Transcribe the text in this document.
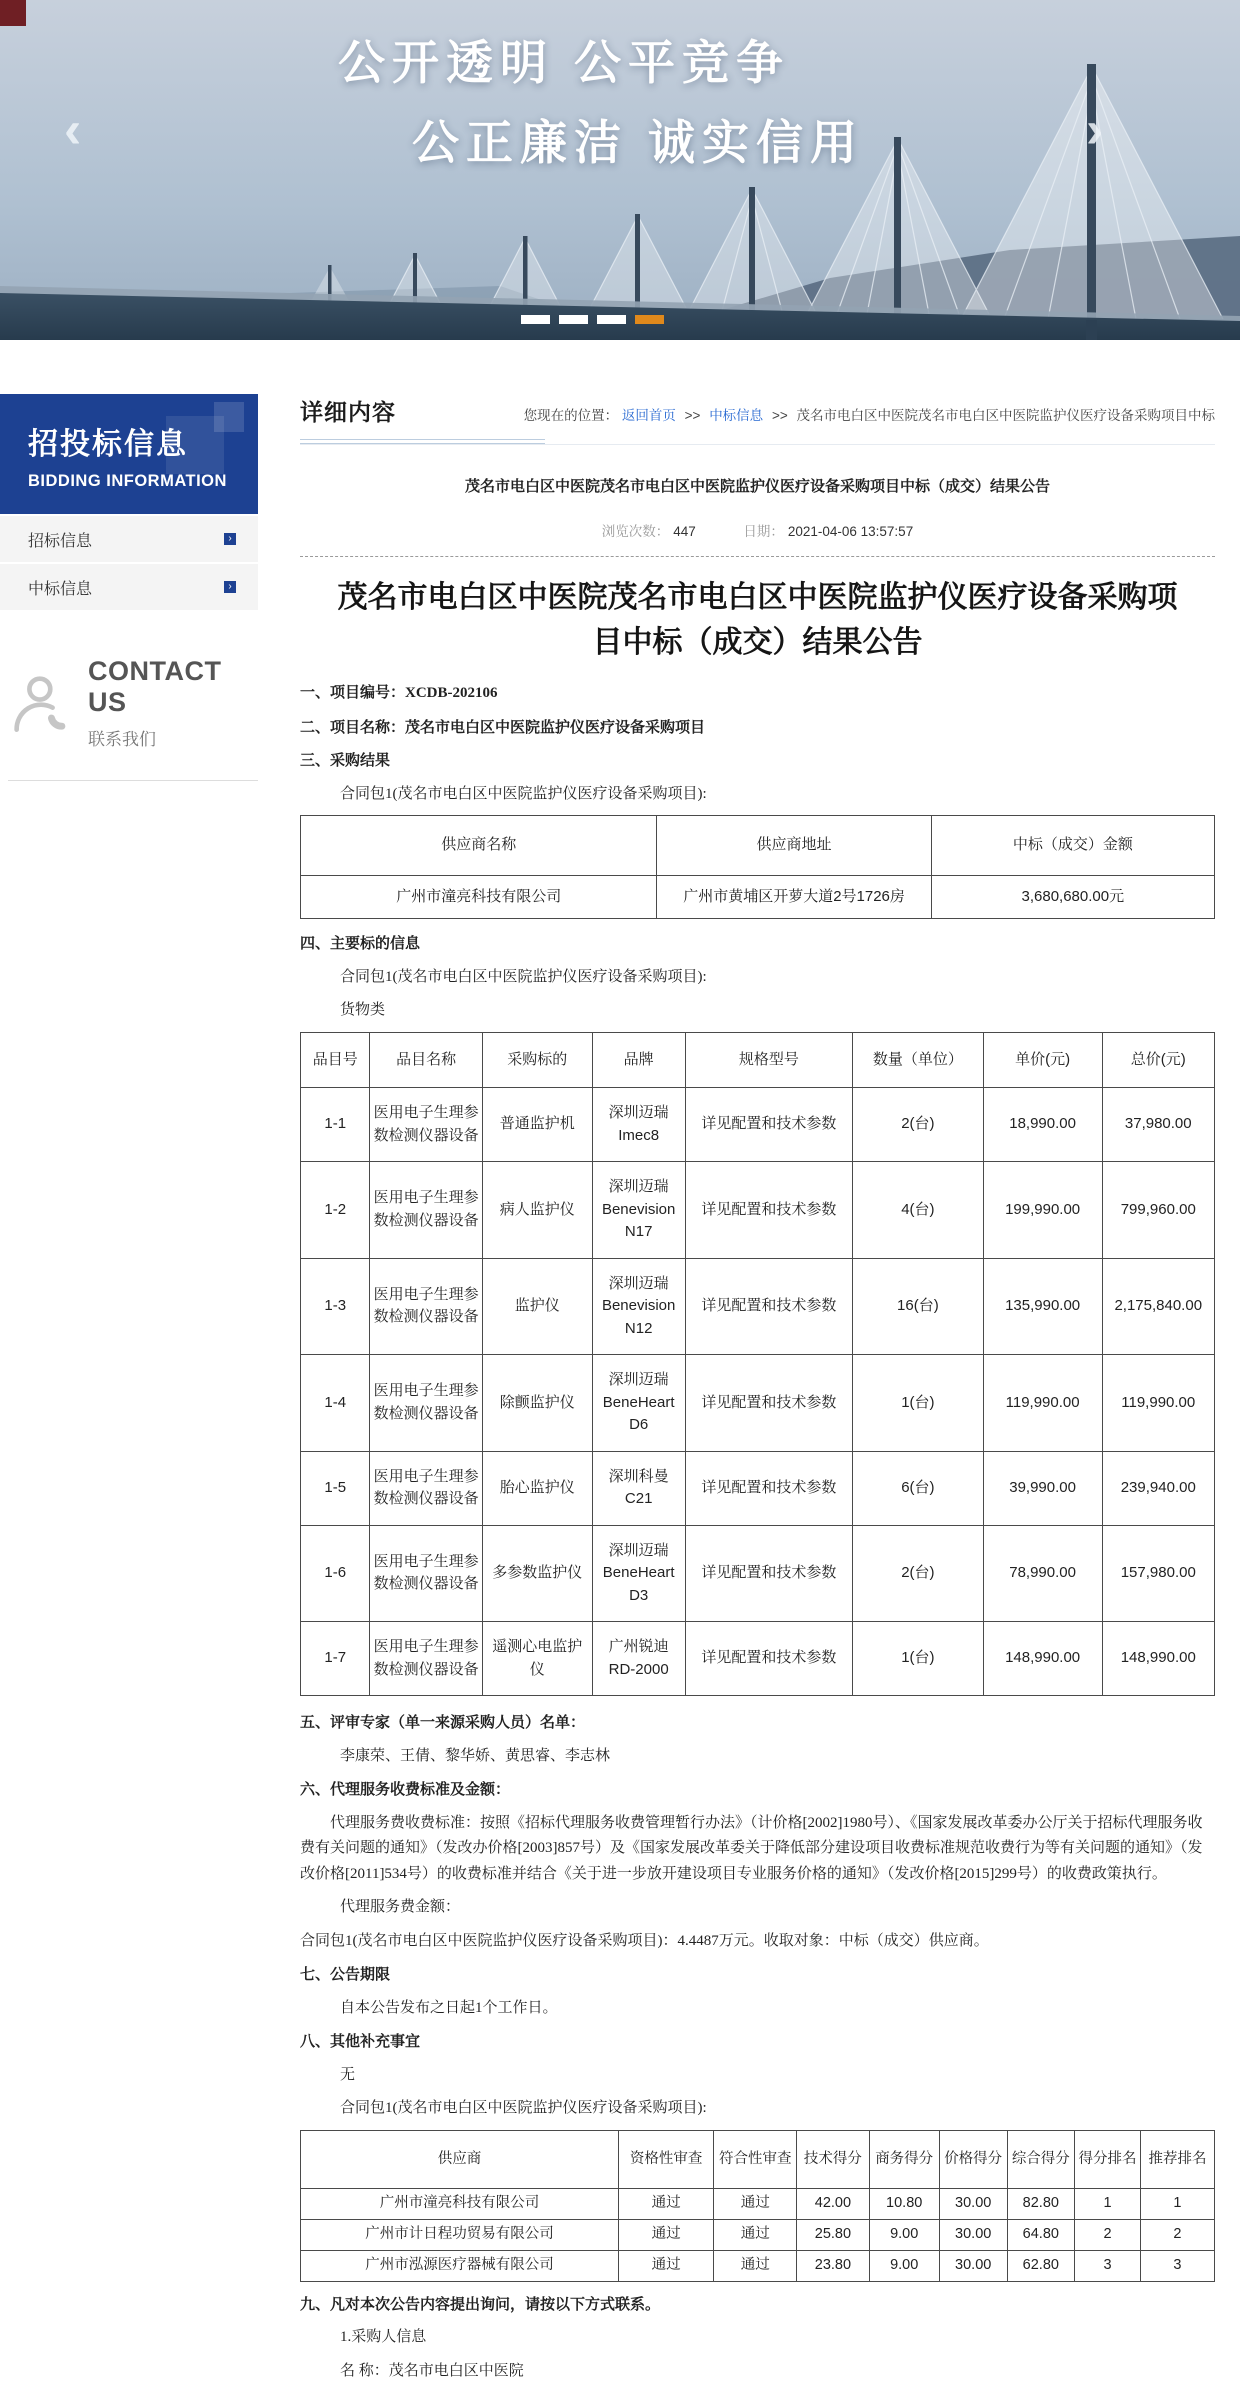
公开透明 公平竞争
公正廉洁 诚实信用
‹	›
招投标信息
BIDDING INFORMATION
招标信息	›
中标信息	›
CONTACT US
联系我们
详细内容	您现在的位置： 返回首页 >> 中标信息 >> 茂名市电白区中医院茂名市电白区中医院监护仪医疗设备采购项目中标
茂名市电白区中医院茂名市电白区中医院监护仪医疗设备采购项目中标（成交）结果公告
浏览次数： 447	日期： 2021-04-06 13:57:57
茂名市电白区中医院茂名市电白区中医院监护仪医疗设备采购项目中标（成交）结果公告

一、项目编号：XCDB-202106

二、项目名称：茂名市电白区中医院监护仪医疗设备采购项目

三、采购结果

合同包1(茂名市电白区中医院监护仪医疗设备采购项目):

供应商名称	供应商地址	中标（成交）金额
广州市潼亮科技有限公司	广州市黄埔区开萝大道2号1726房	3,680,680.00元

四、主要标的信息

合同包1(茂名市电白区中医院监护仪医疗设备采购项目):

货物类

品目号	品目名称	采购标的	品牌	规格型号	数量（单位）	单价(元)	总价(元)
1-1	医用电子生理参数检测仪器设备	普通监护机	深圳迈瑞 Imec8	详见配置和技术参数	2(台)	18,990.00	37,980.00
1-2	医用电子生理参数检测仪器设备	病人监护仪	深圳迈瑞 Benevision N17	详见配置和技术参数	4(台)	199,990.00	799,960.00
1-3	医用电子生理参数检测仪器设备	监护仪	深圳迈瑞 Benevision N12	详见配置和技术参数	16(台)	135,990.00	2,175,840.00
1-4	医用电子生理参数检测仪器设备	除颤监护仪	深圳迈瑞 BeneHeart D6	详见配置和技术参数	1(台)	119,990.00	119,990.00
1-5	医用电子生理参数检测仪器设备	胎心监护仪	深圳科曼 C21	详见配置和技术参数	6(台)	39,990.00	239,940.00
1-6	医用电子生理参数检测仪器设备	多参数监护仪	深圳迈瑞 BeneHeart D3	详见配置和技术参数	2(台)	78,990.00	157,980.00
1-7	医用电子生理参数检测仪器设备	遥测心电监护仪	广州锐迪 RD-2000	详见配置和技术参数	1(台)	148,990.00	148,990.00

五、评审专家（单一来源采购人员）名单：

李康荣、王倩、黎华娇、黄思睿、李志林

六、代理服务收费标准及金额：

代理服务费收费标准：按照《招标代理服务收费管理暂行办法》（计价格[2002]1980号）、《国家发展改革委办公厅关于招标代理服务收费有关问题的通知》（发改办价格[2003]857号）及《国家发展改革委关于降低部分建设项目收费标准规范收费行为等有关问题的通知》（发改价格[2011]534号）的收费标准并结合《关于进一步放开建设项目专业服务价格的通知》（发改价格[2015]299号）的收费政策执行。

代理服务费金额：

合同包1(茂名市电白区中医院监护仪医疗设备采购项目)：4.4487万元。收取对象：中标（成交）供应商。

七、公告期限

自本公告发布之日起1个工作日。

八、其他补充事宜

无

合同包1(茂名市电白区中医院监护仪医疗设备采购项目):

供应商	资格性审查	符合性审查	技术得分	商务得分	价格得分	综合得分	得分排名	推荐排名
广州市潼亮科技有限公司	通过	通过	42.00	10.80	30.00	82.80	1	1
广州市计日程功贸易有限公司	通过	通过	25.80	9.00	30.00	64.80	2	2
广州市泓源医疗器械有限公司	通过	通过	23.80	9.00	30.00	62.80	3	3

九、凡对本次公告内容提出询问，请按以下方式联系。

1.采购人信息

名 称：茂名市电白区中医院
